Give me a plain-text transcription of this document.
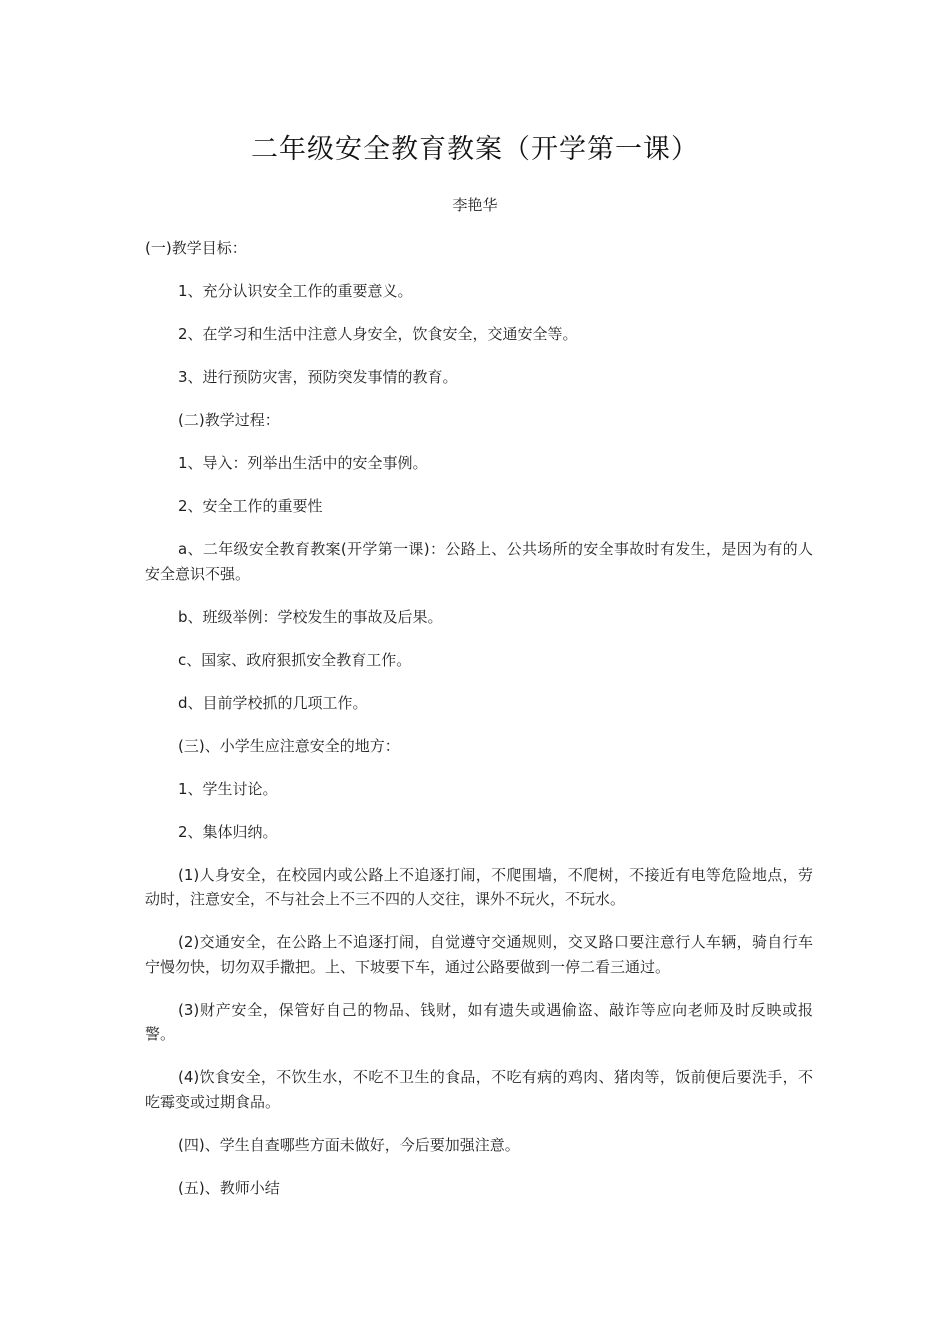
二年级安全教育教案（开学第一课）
李艳华

(一)教学目标：

1、充分认识安全工作的重要意义。

2、在学习和生活中注意人身安全，饮食安全，交通安全等。

3、进行预防灾害，预防突发事情的教育。

(二)教学过程：

1、导入：列举出生活中的安全事例。

2、安全工作的重要性

a、二年级安全教育教案(开学第一课)：公路上、公共场所的安全事故时有发生，是因为有的人安全意识不强。

b、班级举例：学校发生的事故及后果。

c、国家、政府狠抓安全教育工作。

d、目前学校抓的几项工作。

(三)、小学生应注意安全的地方：

1、学生讨论。

2、集体归纳。

(1)人身安全，在校园内或公路上不追逐打闹，不爬围墙，不爬树，不接近有电等危险地点，劳动时，注意安全，不与社会上不三不四的人交往，课外不玩火，不玩水。

(2)交通安全，在公路上不追逐打闹，自觉遵守交通规则，交叉路口要注意行人车辆，骑自行车宁慢勿快，切勿双手撒把。上、下坡要下车，通过公路要做到一停二看三通过。

(3)财产安全，保管好自己的物品、钱财，如有遗失或遇偷盗、敲诈等应向老师及时反映或报警。

(4)饮食安全，不饮生水，不吃不卫生的食品，不吃有病的鸡肉、猪肉等，饭前便后要洗手，不吃霉变或过期食品。

(四)、学生自查哪些方面未做好，今后要加强注意。

(五)、教师小结
